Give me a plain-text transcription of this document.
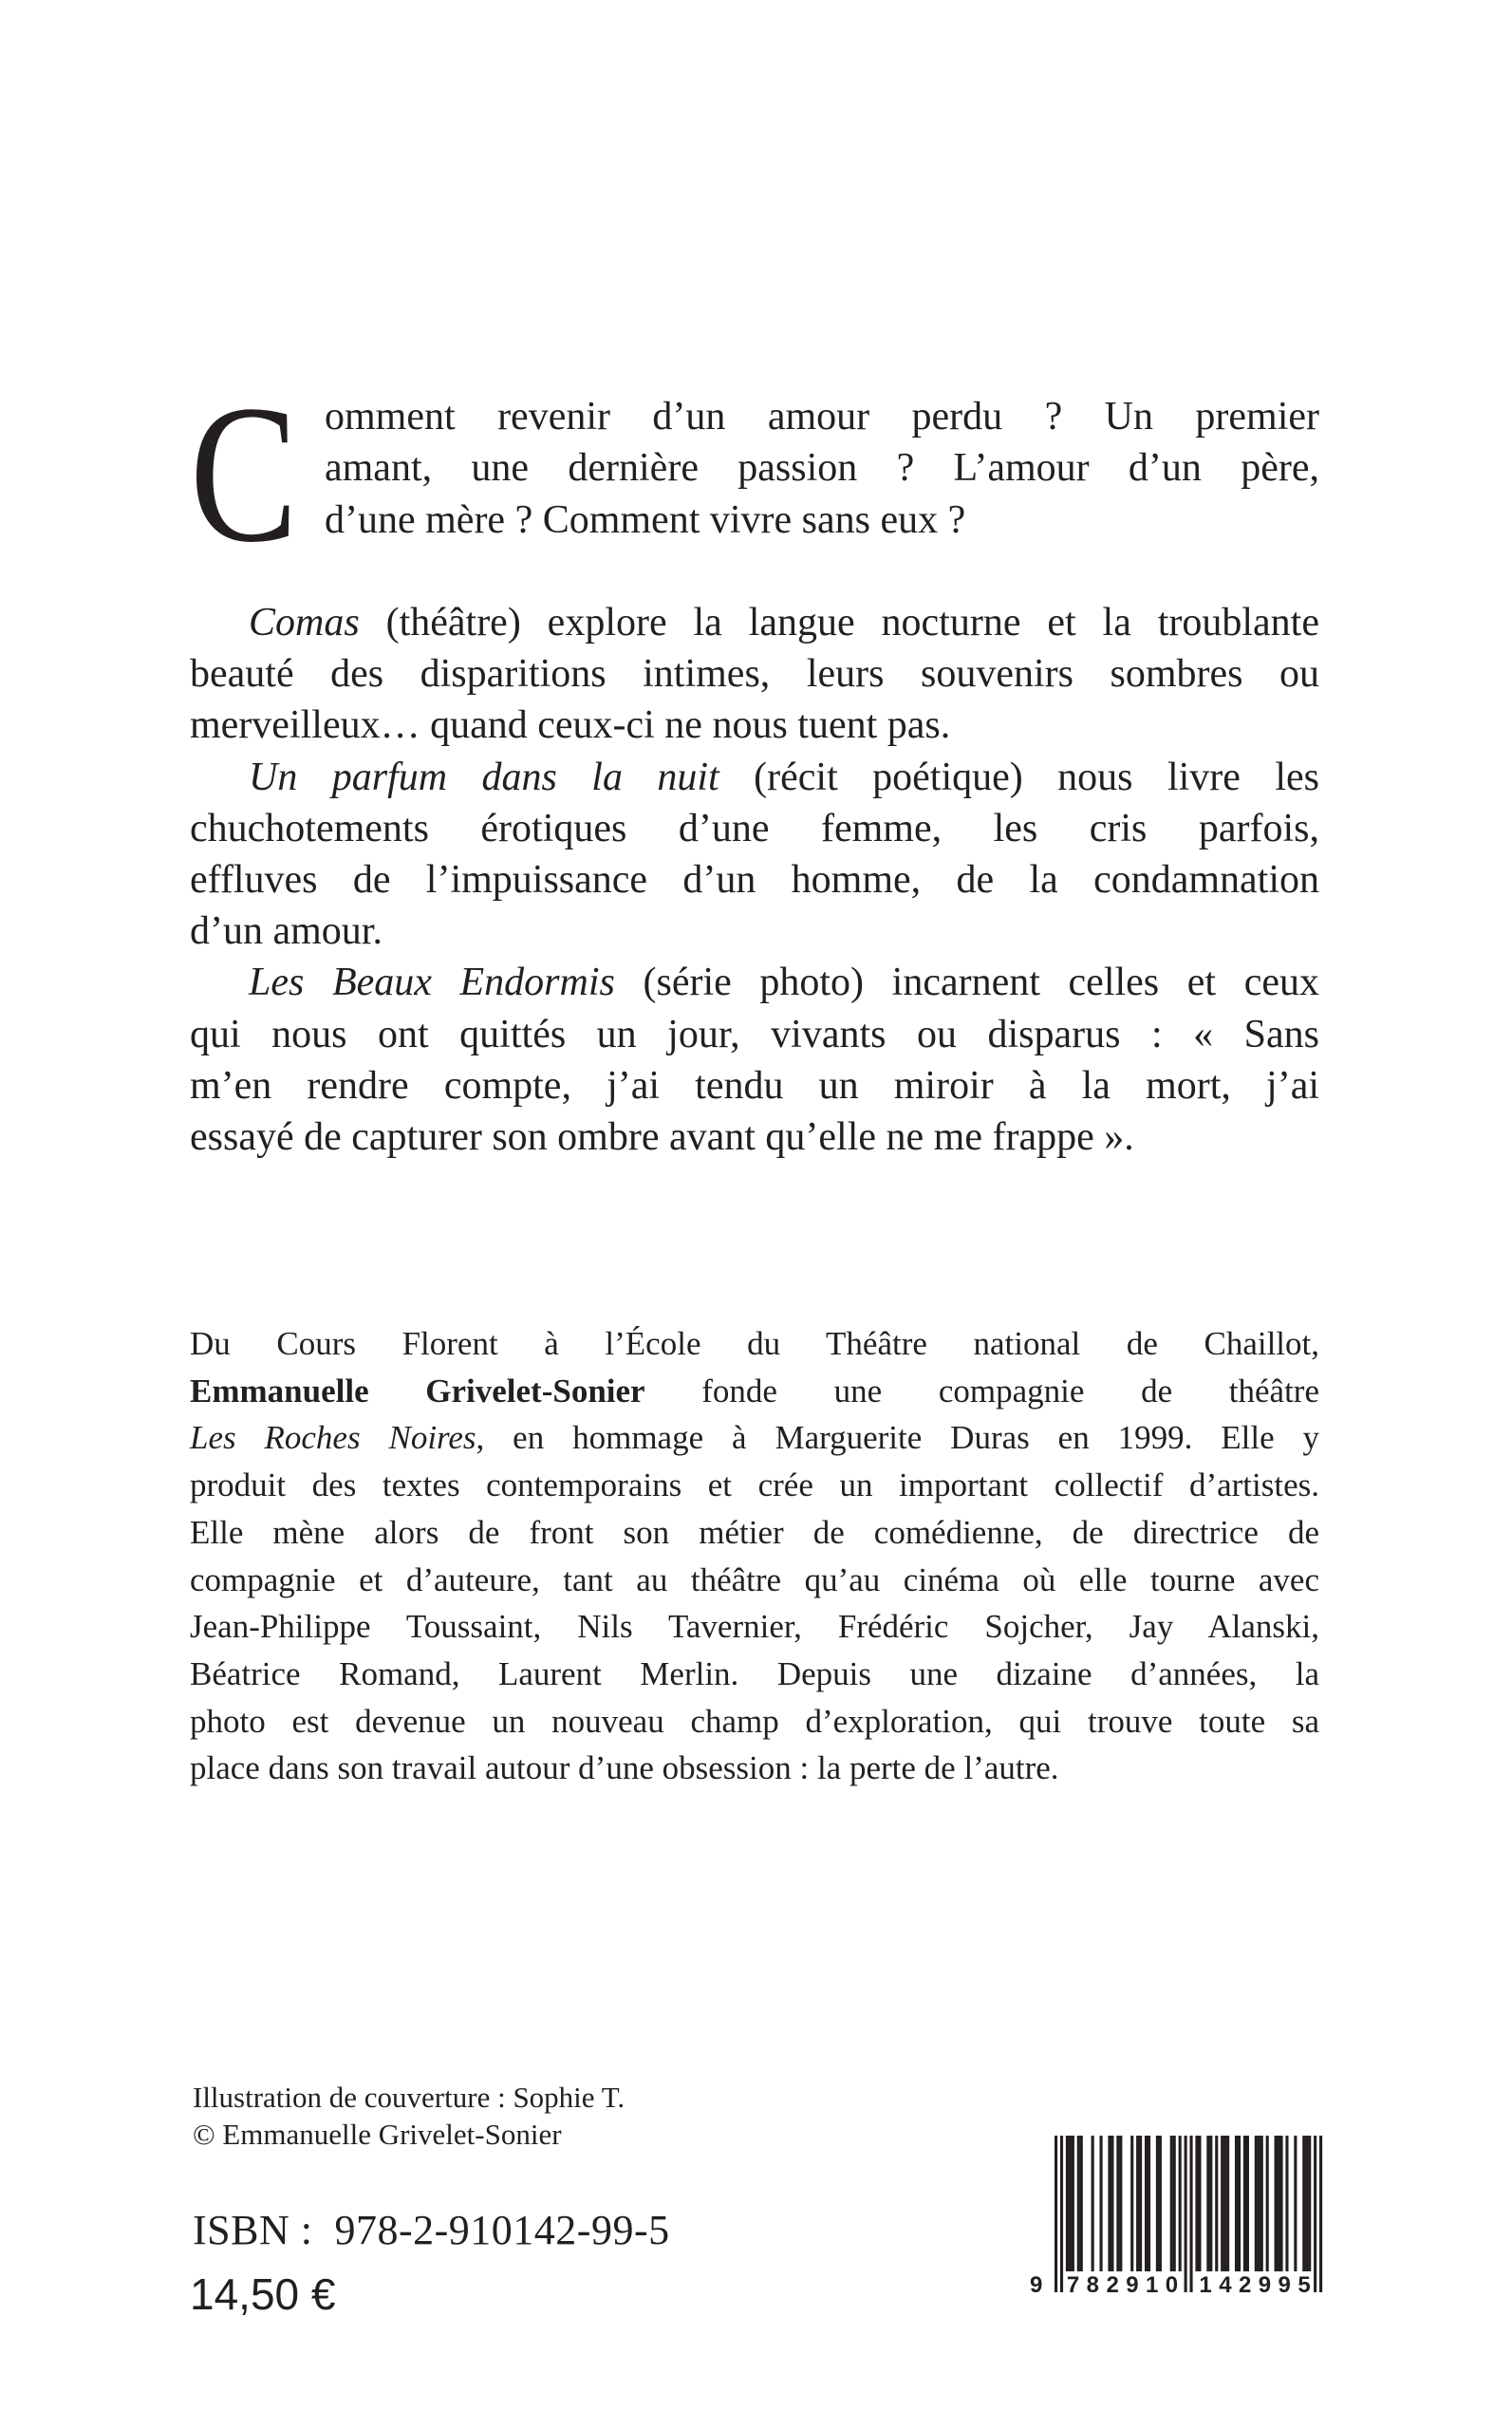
C omment revenir d’un amour perdu ? Un premier
amant, une dernière passion ? L’amour d’un père,
d’une mère ? Comment vivre sans eux ?
Comas (théâtre) explore la langue nocturne et la troublante
beauté des disparitions intimes, leurs souvenirs sombres ou
merveilleux… quand ceux-ci ne nous tuent pas.
Un parfum dans la nuit (récit poétique) nous livre les
chuchotements érotiques d’une femme, les cris parfois,
effluves de l’impuissance d’un homme, de la condamnation
d’un amour.
Les Beaux Endormis (série photo) incarnent celles et ceux
qui nous ont quittés un jour, vivants ou disparus : « Sans
m’en rendre compte, j’ai tendu un miroir à la mort, j’ai
essayé de capturer son ombre avant qu’elle ne me frappe ».
Du Cours Florent à l’École du Théâtre national de Chaillot,
Emmanuelle Grivelet-Sonier fonde une compagnie de théâtre
Les Roches Noires, en hommage à Marguerite Duras en 1999. Elle y
produit des textes contemporains et crée un important collectif d’artistes.
Elle mène alors de front son métier de comédienne, de directrice de
compagnie et d’auteure, tant au théâtre qu’au cinéma où elle tourne avec
Jean-Philippe Toussaint, Nils Tavernier, Frédéric Sojcher, Jay Alanski,
Béatrice Romand, Laurent Merlin. Depuis une dizaine d’années, la
photo est devenue un nouveau champ d’exploration, qui trouve toute sa
place dans son travail autour d’une obsession : la perte de l’autre.
Illustration de couverture : Sophie T.
© Emmanuelle Grivelet-Sonier
ISBN : 978-2-910142-99-5
14,50 €	9 7 8 2 9 1 0 1 4 2 9 9 5
